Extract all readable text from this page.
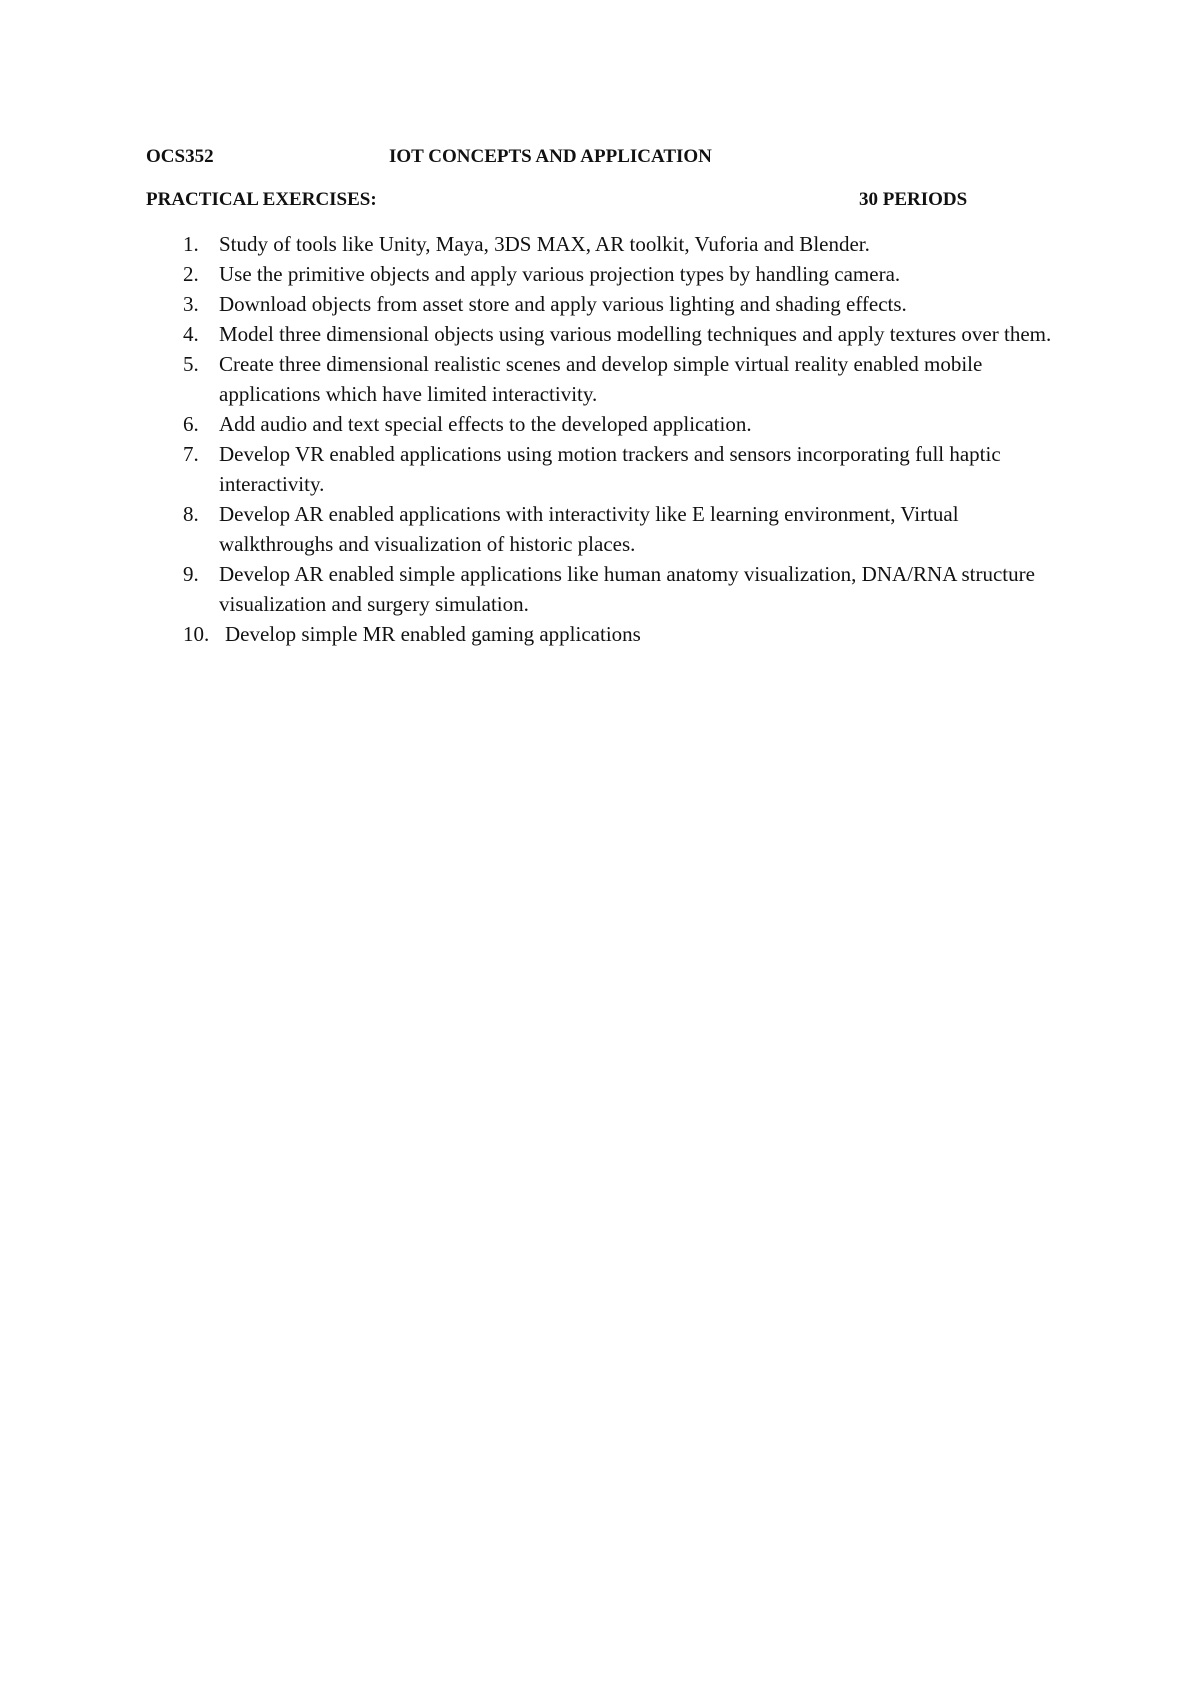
OCS352	IOT CONCEPTS AND APPLICATION
PRACTICAL EXERCISES:	30 PERIODS
1. Study of tools like Unity, Maya, 3DS MAX, AR toolkit, Vuforia and Blender.
2. Use the primitive objects and apply various projection types by handling camera.
3. Download objects from asset store and apply various lighting and shading effects.
4. Model three dimensional objects using various modelling techniques and apply textures over them.
5. Create three dimensional realistic scenes and develop simple virtual reality enabled mobile applications which have limited interactivity.
6. Add audio and text special effects to the developed application.
7. Develop VR enabled applications using motion trackers and sensors incorporating full haptic interactivity.
8. Develop AR enabled applications with interactivity like E learning environment, Virtual walkthroughs and visualization of historic places.
9. Develop AR enabled simple applications like human anatomy visualization, DNA/RNA structure visualization and surgery simulation.
10. Develop simple MR enabled gaming applications
